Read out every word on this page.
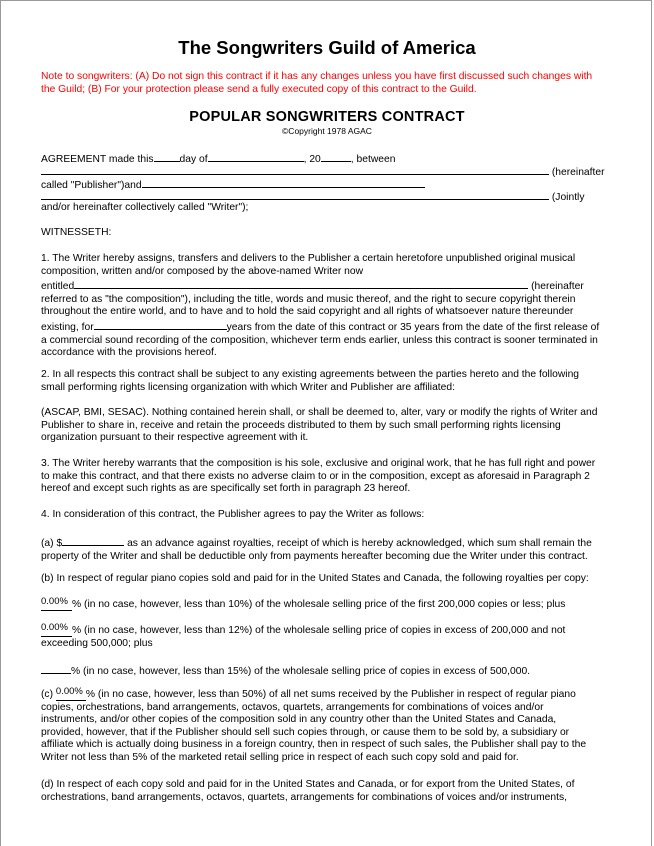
The Songwriters Guild of America
Note to songwriters: (A) Do not sign this contract if it has any changes unless you have first discussed such changes with
the Guild; (B) For your protection please send a fully executed copy of this contract to the Guild.
POPULAR SONGWRITERS CONTRACT
©Copyright 1978 AGAC
AGREEMENT made this	day of	, 20	, between
(hereinafter
called "Publisher")and
(Jointly
and/or hereinafter collectively called "Writer");
WITNESSETH:
1. The Writer hereby assigns, transfers and delivers to the Publisher a certain heretofore unpublished original musical
composition, written and/or composed by the above-named Writer now
entitled	(hereinafter
referred to as "the composition"), including the title, words and music thereof, and the right to secure copyright therein
throughout the entire world, and to have and to hold the said copyright and all rights of whatsoever nature thereunder
existing, for	years from the date of this contract or 35 years from the date of the first release of
a commercial sound recording of the composition, whichever term ends earlier, unless this contract is sooner terminated in
accordance with the provisions hereof.
2. In all respects this contract shall be subject to any existing agreements between the parties hereto and the following
small performing rights licensing organization with which Writer and Publisher are affiliated:
(ASCAP, BMI, SESAC). Nothing contained herein shall, or shall be deemed to, alter, vary or modify the rights of Writer and
Publisher to share in, receive and retain the proceeds distributed to them by such small performing rights licensing
organization pursuant to their respective agreement with it.
3. The Writer hereby warrants that the composition is his sole, exclusive and original work, that he has full right and power
to make this contract, and that there exists no adverse claim to or in the composition, except as aforesaid in Paragraph 2
hereof and except such rights as are specifically set forth in paragraph 23 hereof.
4. In consideration of this contract, the Publisher agrees to pay the Writer as follows:
(a) $	as an advance against royalties, receipt of which is hereby acknowledged, which sum shall remain the
property of the Writer and shall be deductible only from payments hereafter becoming due the Writer under this contract.
(b) In respect of regular piano copies sold and paid for in the United States and Canada, the following royalties per copy:
0.00% % (in no case, however, less than 10%) of the wholesale selling price of the first 200,000 copies or less; plus
0.00% % (in no case, however, less than 12%) of the wholesale selling price of copies in excess of 200,000 and not
exceeding 500,000; plus
% (in no case, however, less than 15%) of the wholesale selling price of copies in excess of 500,000.
(c) 0.00% % (in no case, however, less than 50%) of all net sums received by the Publisher in respect of regular piano
copies, orchestrations, band arrangements, octavos, quartets, arrangements for combinations of voices and/or
instruments, and/or other copies of the composition sold in any country other than the United States and Canada,
provided, however, that if the Publisher should sell such copies through, or cause them to be sold by, a subsidiary or
affiliate which is actually doing business in a foreign country, then in respect of such sales, the Publisher shall pay to the
Writer not less than 5% of the marketed retail selling price in respect of each such copy sold and paid for.
(d) In respect of each copy sold and paid for in the United States and Canada, or for export from the United States, of
orchestrations, band arrangements, octavos, quartets, arrangements for combinations of voices and/or instruments,
